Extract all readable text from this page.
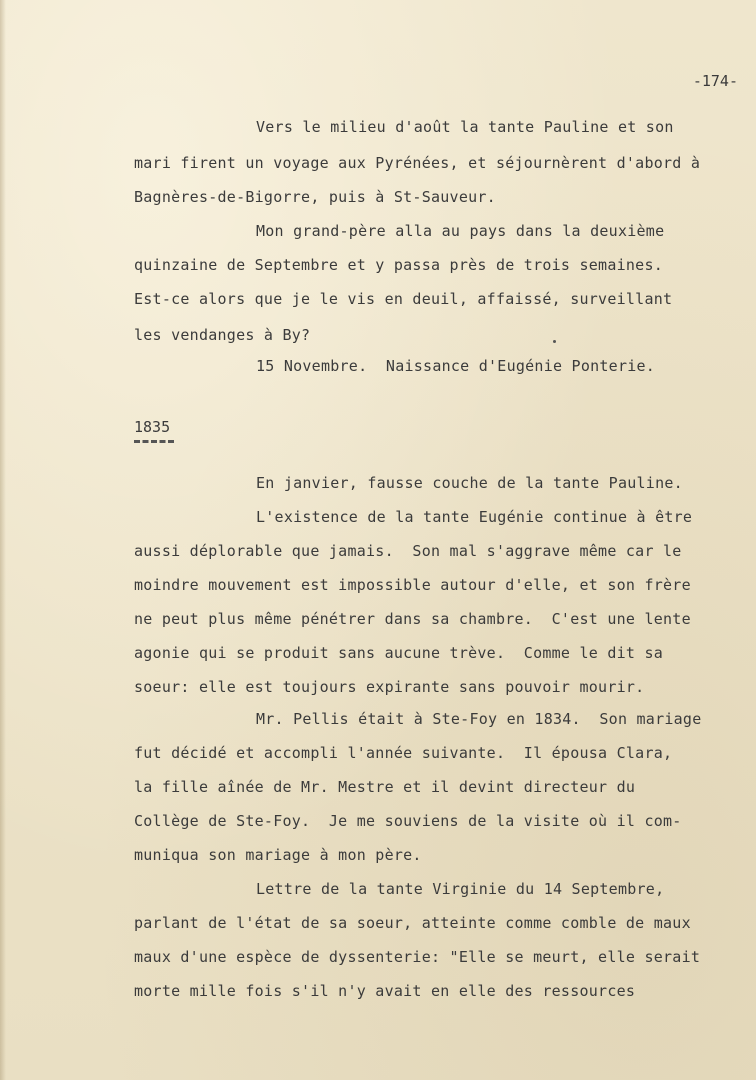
-174-
Vers le milieu d'août la tante Pauline et son
mari firent un voyage aux Pyrénées, et séjournèrent d'abord à
Bagnères-de-Bigorre, puis à St-Sauveur.
Mon grand-père alla au pays dans la deuxième
quinzaine de Septembre et y passa près de trois semaines.
Est-ce alors que je le vis en deuil, affaissé, surveillant
les vendanges à By?
15 Novembre.  Naissance d'Eugénie Ponterie.
1835
En janvier, fausse couche de la tante Pauline.
L'existence de la tante Eugénie continue à être
aussi déplorable que jamais.  Son mal s'aggrave même car le
moindre mouvement est impossible autour d'elle, et son frère
ne peut plus même pénétrer dans sa chambre.  C'est une lente
agonie qui se produit sans aucune trève.  Comme le dit sa
soeur: elle est toujours expirante sans pouvoir mourir.
Mr. Pellis était à Ste-Foy en 1834.  Son mariage
fut décidé et accompli l'année suivante.  Il épousa Clara,
la fille aînée de Mr. Mestre et il devint directeur du
Collège de Ste-Foy.  Je me souviens de la visite où il com-
muniqua son mariage à mon père.
Lettre de la tante Virginie du 14 Septembre,
parlant de l'état de sa soeur, atteinte comme comble de maux
maux d'une espèce de dyssenterie: "Elle se meurt, elle serait
morte mille fois s'il n'y avait en elle des ressources
